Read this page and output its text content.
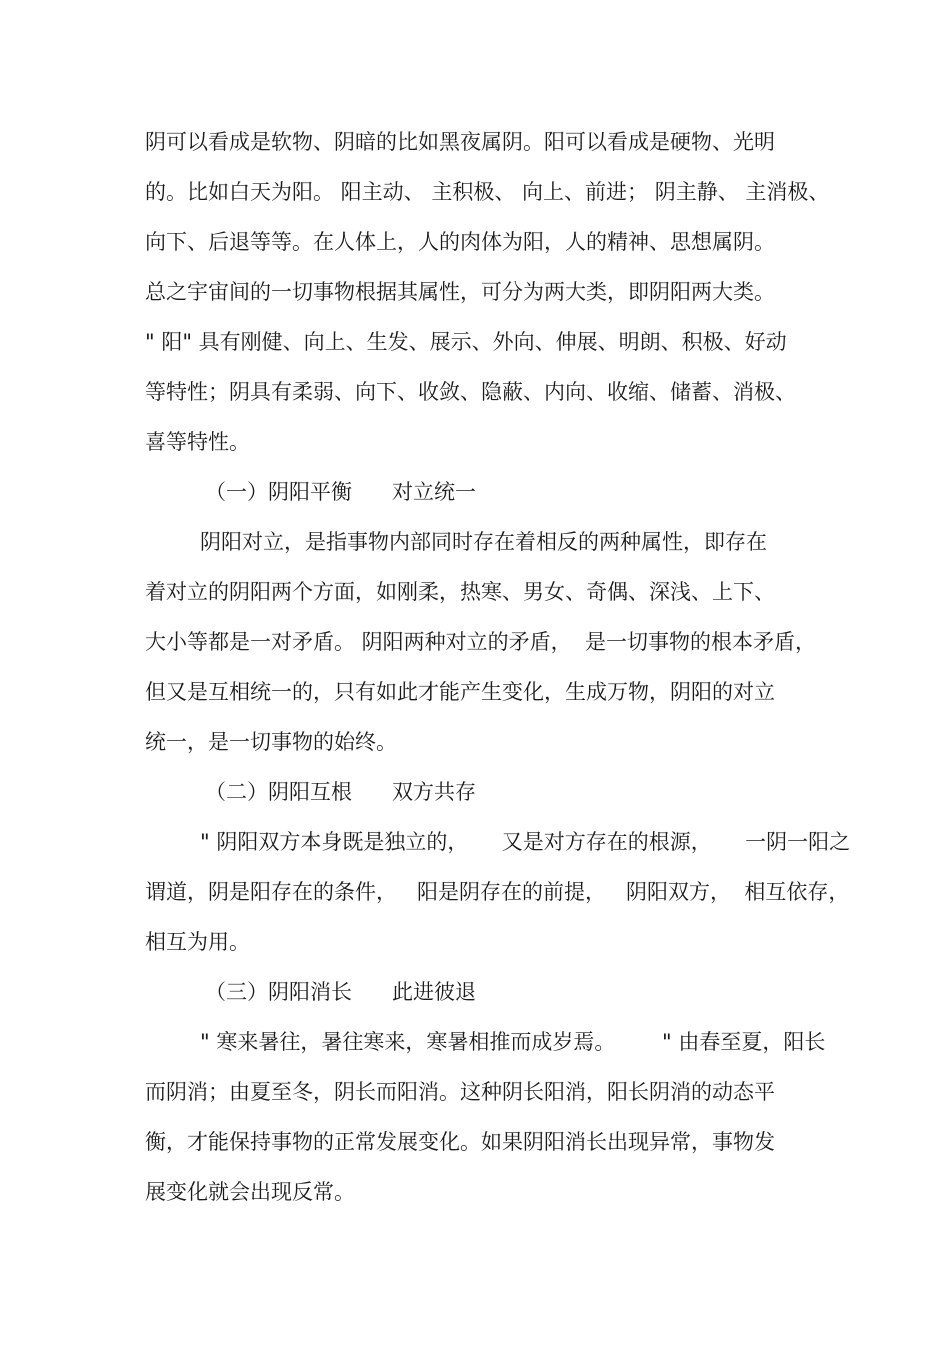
阴可以看成是软物、阴暗的比如黑夜属阴。阳可以看成是硬物、光明
的。比如白天为阳。 阳主动、 主积极、 向上、前进； 阴主静、 主消极、
向下、后退等等。在人体上，人的肉体为阳，人的精神、思想属阴。
总之宇宙间的一切事物根据其属性，可分为两大类，即阴阳两大类。
" 阳" 具有刚健、向上、生发、展示、外向、伸展、明朗、积极、好动
等特性；阴具有柔弱、向下、收敛、隐蔽、内向、收缩、储蓄、消极、
喜等特性。
（一）阴阳平衡      对立统一
阴阳对立，是指事物内部同时存在着相反的两种属性，即存在
着对立的阴阳两个方面，如刚柔，热寒、男女、奇偶、深浅、上下、
大小等都是一对矛盾。 阴阳两种对立的矛盾，  是一切事物的根本矛盾，
但又是互相统一的，只有如此才能产生变化，生成万物，阴阳的对立
统一，是一切事物的始终。
（二）阴阳互根      双方共存
" 阴阳双方本身既是独立的，     又是对方存在的根源，     一阴一阳之
谓道，阴是阳存在的条件，   阳是阴存在的前提，   阴阳双方，  相互依存，
相互为用。
（三）阴阳消长      此进彼退
" 寒来暑往，暑往寒来，寒暑相推而成岁焉。       " 由春至夏，阳长
而阴消；由夏至冬，阴长而阳消。这种阴长阳消，阳长阴消的动态平
衡，才能保持事物的正常发展变化。如果阴阳消长出现异常，事物发
展变化就会出现反常。
